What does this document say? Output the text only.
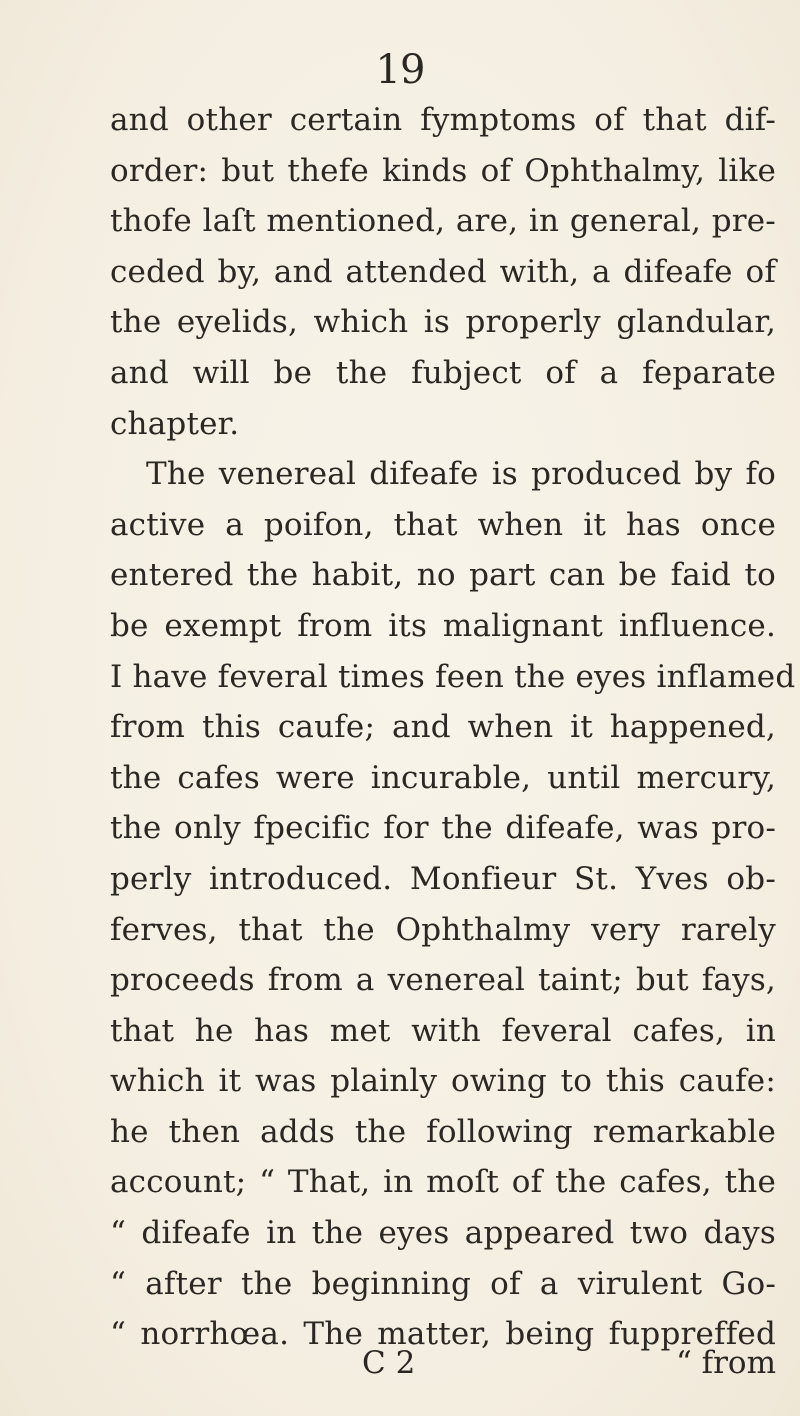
19
and other certain fymptoms of that dif-
order: but thefe kinds of Ophthalmy, like
thofe laſt mentioned, are, in general, pre-
ceded by, and attended with, a difeafe of
the eyelids, which is properly glandular,
and will be the fubject of a feparate
chapter.
The venereal difeafe is produced by fo
active a poifon, that when it has once
entered the habit, no part can be faid to
be exempt from its malignant influence.
I have feveral times feen the eyes inflamed
from this caufe; and when it happened,
the cafes were incurable, until mercury,
the only fpecific for the difeafe, was pro-
perly introduced. Monfieur St. Yves ob-
ferves, that the Ophthalmy very rarely
proceeds from a venereal taint; but fays,
that he has met with feveral cafes, in
which it was plainly owing to this caufe:
he then adds the following remarkable
account; “ That, in moſt of the cafes, the
“ difeafe in the eyes appeared two days
“ after the beginning of a virulent Go-
“ norrhœa. The matter, being fuppreffed
C 2	“ from
